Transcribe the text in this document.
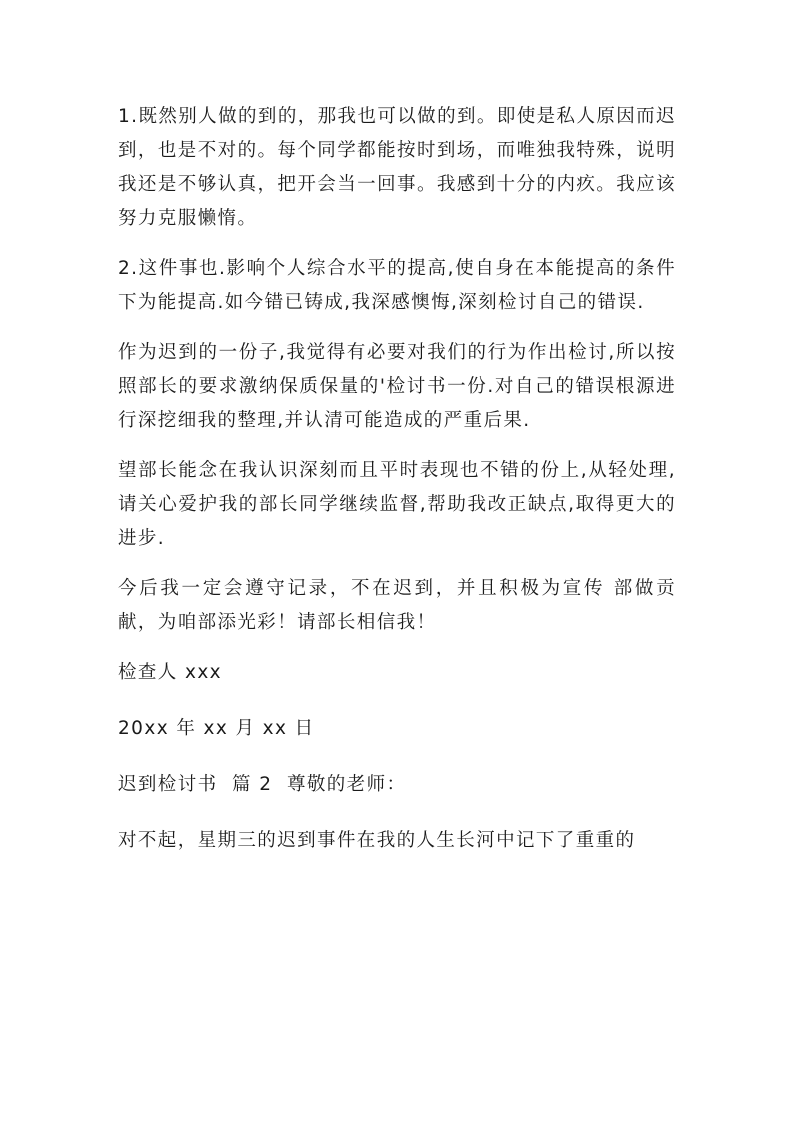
1.既然别人做的到的，那我也可以做的到。即使是私人原因而迟到，也是不对的。每个同学都能按时到场，而唯独我特殊，说明我还是不够认真，把开会当一回事。我感到十分的内疚。我应该努力克服懒惰。

2.这件事也.影响个人综合水平的提高,使自身在本能提高的条件下为能提高.如今错已铸成,我深感懊悔,深刻检讨自己的错误.

作为迟到的一份子,我觉得有必要对我们的行为作出检讨,所以按照部长的要求激纳保质保量的'检讨书一份.对自己的错误根源进行深挖细我的整理,并认清可能造成的严重后果.

望部长能念在我认识深刻而且平时表现也不错的份上,从轻处理,请关心爱护我的部长同学继续监督,帮助我改正缺点,取得更大的进步.

今后我一定会遵守记录，不在迟到，并且积极为宣传 部做贡献，为咱部添光彩！请部长相信我！

检查人 xxx

20xx 年 xx 月 xx 日

迟到检讨书  篇 2  尊敬的老师：

对不起，星期三的迟到事件在我的人生长河中记下了重重的
